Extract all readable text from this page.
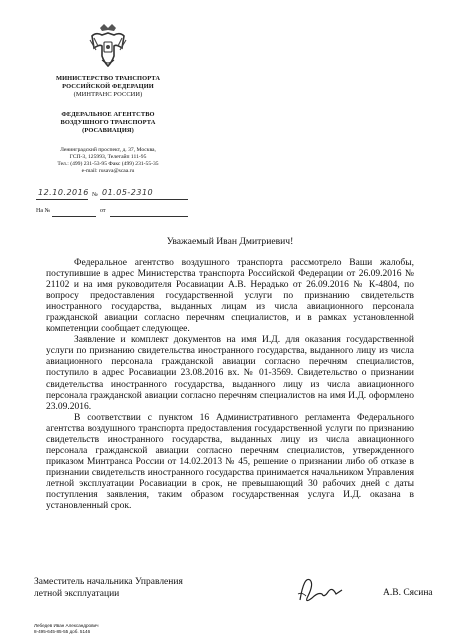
МИНИСТЕРСТВО ТРАНСПОРТА
РОССИЙСКОЙ ФЕДЕРАЦИИ
(МИНТРАНС РОССИИ)
ФЕДЕРАЛЬНОЕ АГЕНТСТВО
ВОЗДУШНОГО ТРАНСПОРТА
(РОСАВИАЦИЯ)
Ленинградский проспект, д. 37, Москва,
ГСП-3, 125993, Телетайп 111-95
Тел.: (499) 231-53-95 Факс (499) 231-55-35
e-mail: rusava@scaa.ru
12.10.2016 № 01.05-2310
На №	от
Уважаемый Иван Дмитриевич!

Федеральное агентство воздушного транспорта рассмотрело Ваши жалобы, поступившие в адрес Министерства транспорта Российской Федерации от 26.09.2016 № 21102 и на имя руководителя Росавиации А.В. Нерадько от 26.09.2016 № К-4804, по вопросу предоставления государственной услуги по признанию свидетельств иностранного государства, выданных лицам из числа авиационного персонала гражданской авиации согласно перечням специалистов, и в рамках установленной компетенции сообщает следующее.

Заявление и комплект документов на имя И.Д. для оказания государственной услуги по признанию свидетельства иностранного государства, выданного лицу из числа авиационного персонала гражданской авиации согласно перечням специалистов, поступило в адрес Росавиации 23.08.2016 вх. № 01-3569. Свидетельство о признании свидетельства иностранного государства, выданного лицу из числа авиационного персонала гражданской авиации согласно перечням специалистов на имя И.Д. оформлено 23.09.2016.

В соответствии с пунктом 16 Административного регламента Федерального агентства воздушного транспорта предоставления государственной услуги по признанию свидетельств иностранного государства, выданных лицу из числа авиационного персонала гражданской авиации согласно перечням специалистов, утвержденного приказом Минтранса России от 14.02.2013 № 45, решение о признании либо об отказе в признании свидетельств иностранного государства принимается начальником Управления летной эксплуатации Росавиации в срок, не превышающий 30 рабочих дней с даты поступления заявления, таким образом государственная услуга И.Д. оказана в установленный срок.

Заместитель начальника Управления
летной эксплуатации	А.В. Сясина
Лебедев Иван Александрович
8-495-645-85-55 доб. 5146
